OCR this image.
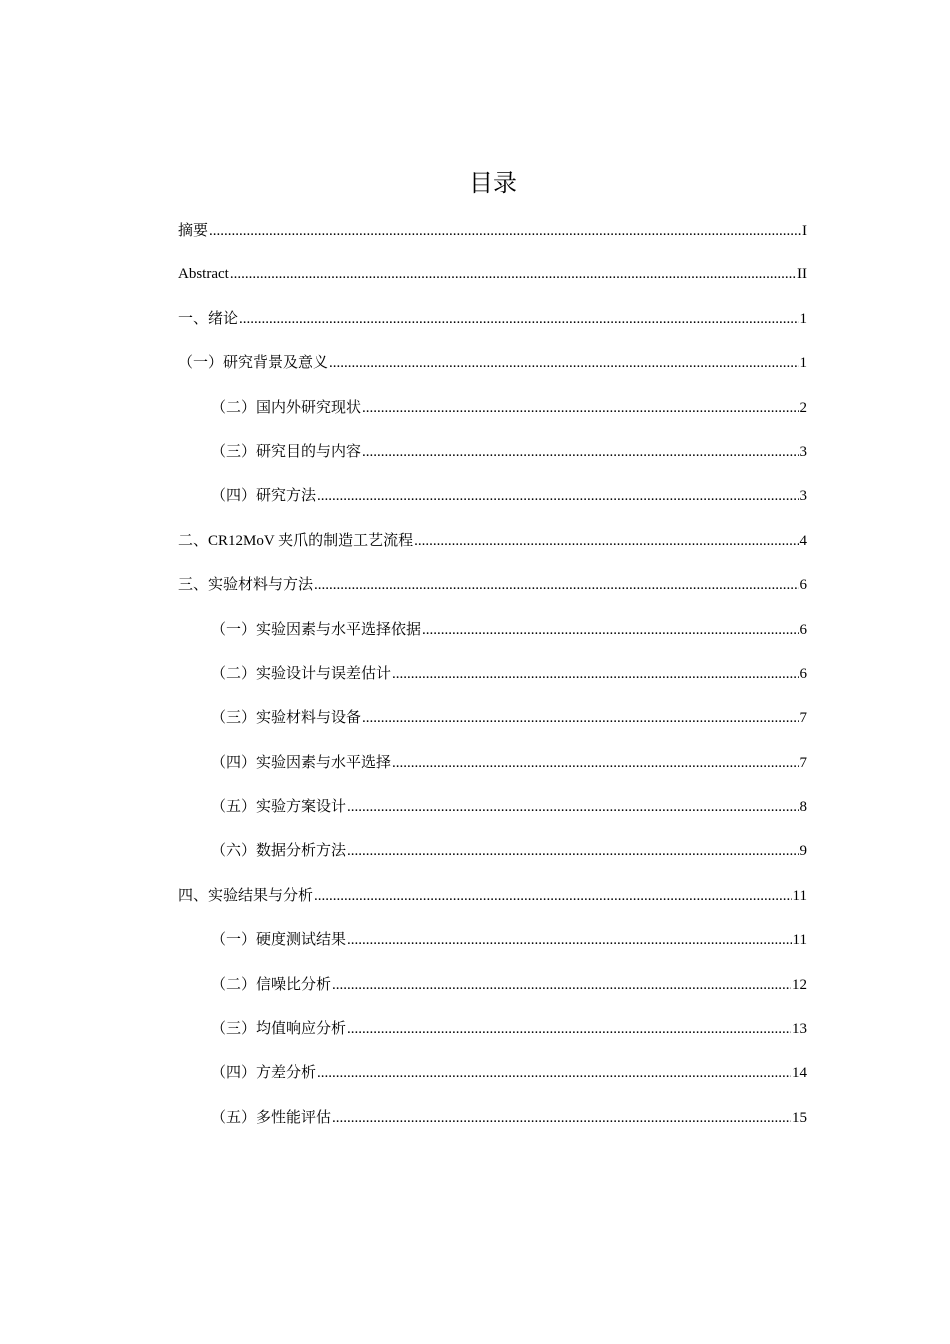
目录
摘要 .....	I
Abstract .....	II
一、绪论 .....	1
（一）研究背景及意义 .....	1
（二）国内外研究现状 .....	2
（三）研究目的与内容 .....	3
（四）研究方法 .....	3
二、CR12MoV 夹爪的制造工艺流程 .....	4
三、实验材料与方法 .....	6
（一）实验因素与水平选择依据 .....	6
（二）实验设计与误差估计 .....	6
（三）实验材料与设备 .....	7
（四）实验因素与水平选择 .....	7
（五）实验方案设计 .....	8
（六）数据分析方法 .....	9
四、实验结果与分析 .....	11
（一）硬度测试结果 .....	11
（二）信噪比分析 .....	12
（三）均值响应分析 .....	13
（四）方差分析 .....	14
（五）多性能评估 .....	15
